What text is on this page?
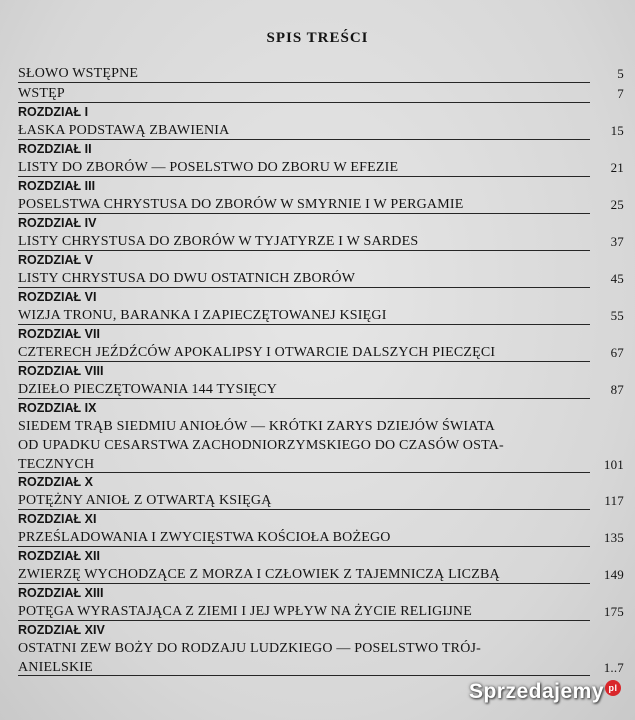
SPIS TREŚCI
SŁOWO WSTĘPNE	5
WSTĘP	7
ROZDZIAŁ I
ŁASKA PODSTAWĄ ZBAWIENIA	15
ROZDZIAŁ II
LISTY DO ZBORÓW — POSELSTWO DO ZBORU W EFEZIE	21
ROZDZIAŁ III
POSELSTWA CHRYSTUSA DO ZBORÓW W SMYRNIE I W PERGAMIE	25
ROZDZIAŁ IV
LISTY CHRYSTUSA DO ZBORÓW W TYJATYRZE I W SARDES	37
ROZDZIAŁ V
LISTY CHRYSTUSA DO DWU OSTATNICH ZBORÓW	45
ROZDZIAŁ VI
WIZJA TRONU, BARANKA I ZAPIECZĘTOWANEJ KSIĘGI	55
ROZDZIAŁ VII
CZTERECH JEŹDŹCÓW APOKALIPSY I OTWARCIE DALSZYCH PIECZĘCI	67
ROZDZIAŁ VIII
DZIEŁO PIECZĘTOWANIA 144 TYSIĘCY	87
ROZDZIAŁ IX
SIEDEM TRĄB SIEDMIU ANIOŁÓW — KRÓTKI ZARYS DZIEJÓW ŚWIATA
OD UPADKU CESARSTWA ZACHODNIORZYMSKIEGO DO CZASÓW OSTA-
TECZNYCH	101
ROZDZIAŁ X
POTĘŻNY ANIOŁ Z OTWARTĄ KSIĘGĄ	117
ROZDZIAŁ XI
PRZEŚLADOWANIA I ZWYCIĘSTWA KOŚCIOŁA BOŻEGO	135
ROZDZIAŁ XII
ZWIERZĘ WYCHODZĄCE Z MORZA I CZŁOWIEK Z TAJEMNICZĄ LICZBĄ	149
ROZDZIAŁ XIII
POTĘGA WYRASTAJĄCA Z ZIEMI I JEJ WPŁYW NA ŻYCIE RELIGIJNE	175
ROZDZIAŁ XIV
OSTATNI ZEW BOŻY DO RODZAJU LUDZKIEGO — POSELSTWO TRÓJ-
ANIELSKIE	1..7
Sprzedajemy pl
